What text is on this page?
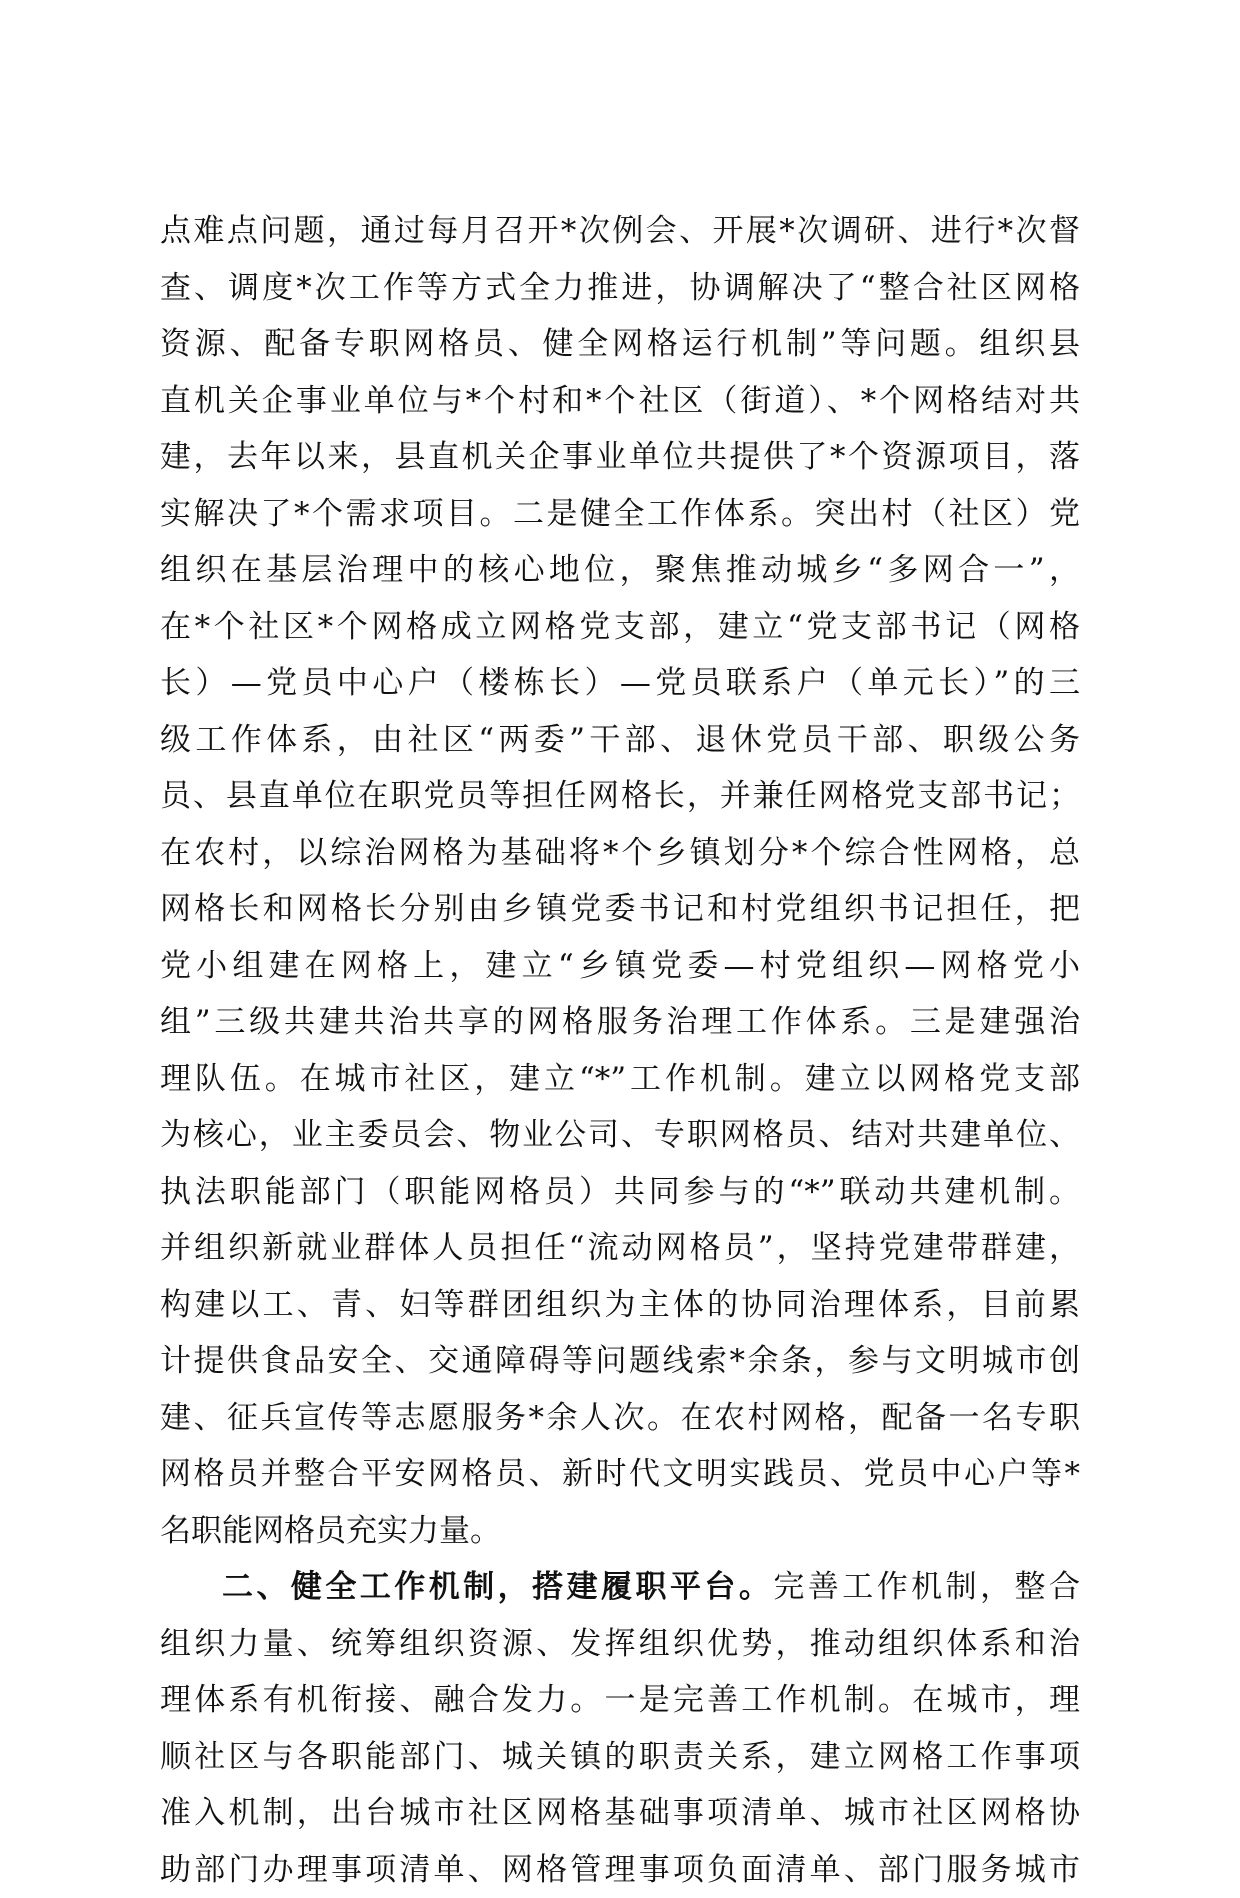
点难点问题，通过每月召开*次例会、开展*次调研、进行*次督
查、调度*次工作等方式全力推进，协调解决了“整合社区网格
资源、配备专职网格员、健全网格运行机制”等问题。组织县
直机关企事业单位与*个村和*个社区（街道）、*个网格结对共
建，去年以来，县直机关企事业单位共提供了*个资源项目，落
实解决了*个需求项目。二是健全工作体系。突出村（社区）党
组织在基层治理中的核心地位，聚焦推动城乡“多网合一”，
在*个社区*个网格成立网格党支部，建立“党支部书记（网格
长）—党员中心户（楼栋长）—党员联系户（单元长）”的三
级工作体系，由社区“两委”干部、退休党员干部、职级公务
员、县直单位在职党员等担任网格长，并兼任网格党支部书记；
在农村，以综治网格为基础将*个乡镇划分*个综合性网格，总
网格长和网格长分别由乡镇党委书记和村党组织书记担任，把
党小组建在网格上，建立“乡镇党委—村党组织—网格党小
组”三级共建共治共享的网格服务治理工作体系。三是建强治
理队伍。在城市社区，建立“*”工作机制。建立以网格党支部
为核心，业主委员会、物业公司、专职网格员、结对共建单位、
执法职能部门（职能网格员）共同参与的“*”联动共建机制。
并组织新就业群体人员担任“流动网格员”，坚持党建带群建，
构建以工、青、妇等群团组织为主体的协同治理体系，目前累
计提供食品安全、交通障碍等问题线索*余条，参与文明城市创
建、征兵宣传等志愿服务*余人次。在农村网格，配备一名专职
网格员并整合平安网格员、新时代文明实践员、党员中心户等*
名职能网格员充实力量。
二、健全工作机制，搭建履职平台。完善工作机制，整合
组织力量、统筹组织资源、发挥组织优势，推动组织体系和治
理体系有机衔接、融合发力。一是完善工作机制。在城市，理
顺社区与各职能部门、城关镇的职责关系，建立网格工作事项
准入机制，出台城市社区网格基础事项清单、城市社区网格协
助部门办理事项清单、网格管理事项负面清单、部门服务城市
